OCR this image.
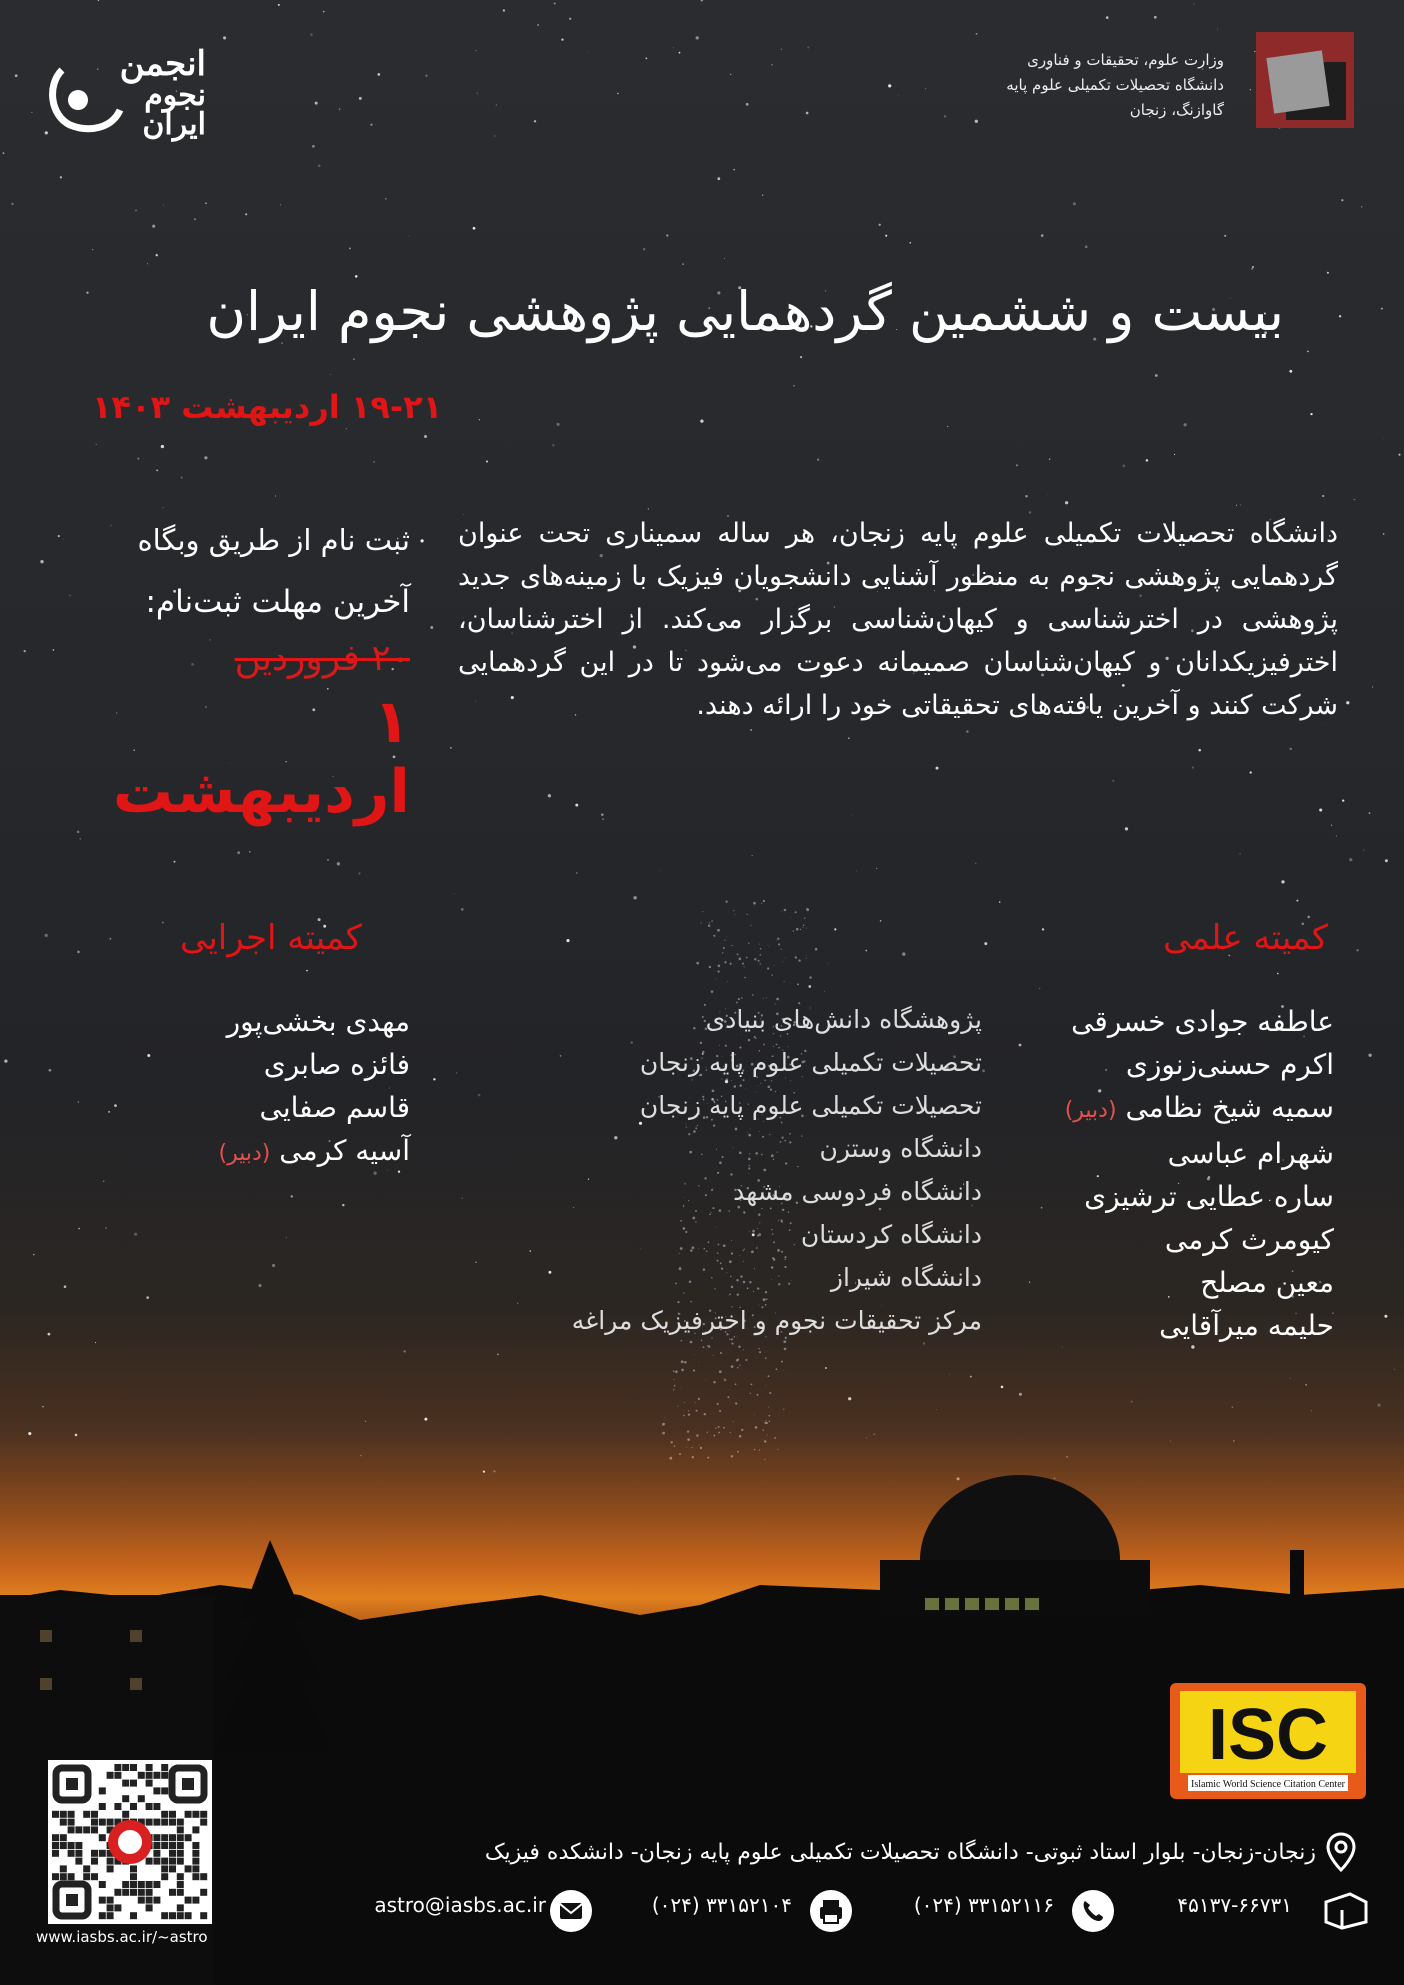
انجمن
نجوم
ایران
وزارت علوم، تحقیقات و فناوری
دانشگاه تحصیلات تکمیلی علوم پایه
گاوازنگ، زنجان
بیست و ششمین گردهمایی پژوهشی نجوم ایران
۱۹-۲۱ اردیبهشت ۱۴۰۳
دانشگاه تحصیلات تکمیلی علوم پایه زنجان، هر ساله سمیناری تحت عنوان گردهمایی پژوهشی نجوم به منظور آشنایی دانشجویان فیزیک با زمینه‌های جدید پژوهشی در اخترشناسی و کیهان‌شناسی برگزار می‌کند. از اخترشناسان، اخترفیزیکدانان و کیهان‌شناسان صمیمانه دعوت می‌شود تا در این گردهمایی شرکت کنند و آخرین یافته‌های تحقیقاتی خود را ارائه دهند.
ثبت نام از طریق وبگاه
آخرین مهلت ثبت‌نام:
۲۰ فروردین
۱ اردیبهشت
کمیته علمی
کمیته اجرایی
عاطفه جوادی خسرقی
اکرم حسنی‌زنوزی
سمیه شیخ نظامی (دبیر)
شهرام عباسی
ساره عطایی ترشیزی
کیومرث کرمی
معین مصلح
حلیمه میرآقایی
پژوهشگاه دانش‌های بنیادی
تحصیلات تکمیلی علوم پایه زنجان
تحصیلات تکمیلی علوم پایه زنجان
دانشگاه وسترن
دانشگاه فردوسی مشهد
دانشگاه کردستان
دانشگاه شیراز
مرکز تحقیقات نجوم و اخترفیزیک مراغه
مهدی بخشی‌پور
فائزه صابری
قاسم صفایی
آسیه کرمی (دبیر)
ISC
Islamic World Science Citation Center
www.iasbs.ac.ir/~astro
زنجان-زنجان- بلوار استاد ثبوتی- دانشگاه تحصیلات تکمیلی علوم پایه زنجان- دانشکده فیزیک
۴۵۱۳۷-۶۶۷۳۱
(۰۲۴) ۳۳۱۵۲۱۱۶
(۰۲۴) ۳۳۱۵۲۱۰۴
astro@iasbs.ac.ir
